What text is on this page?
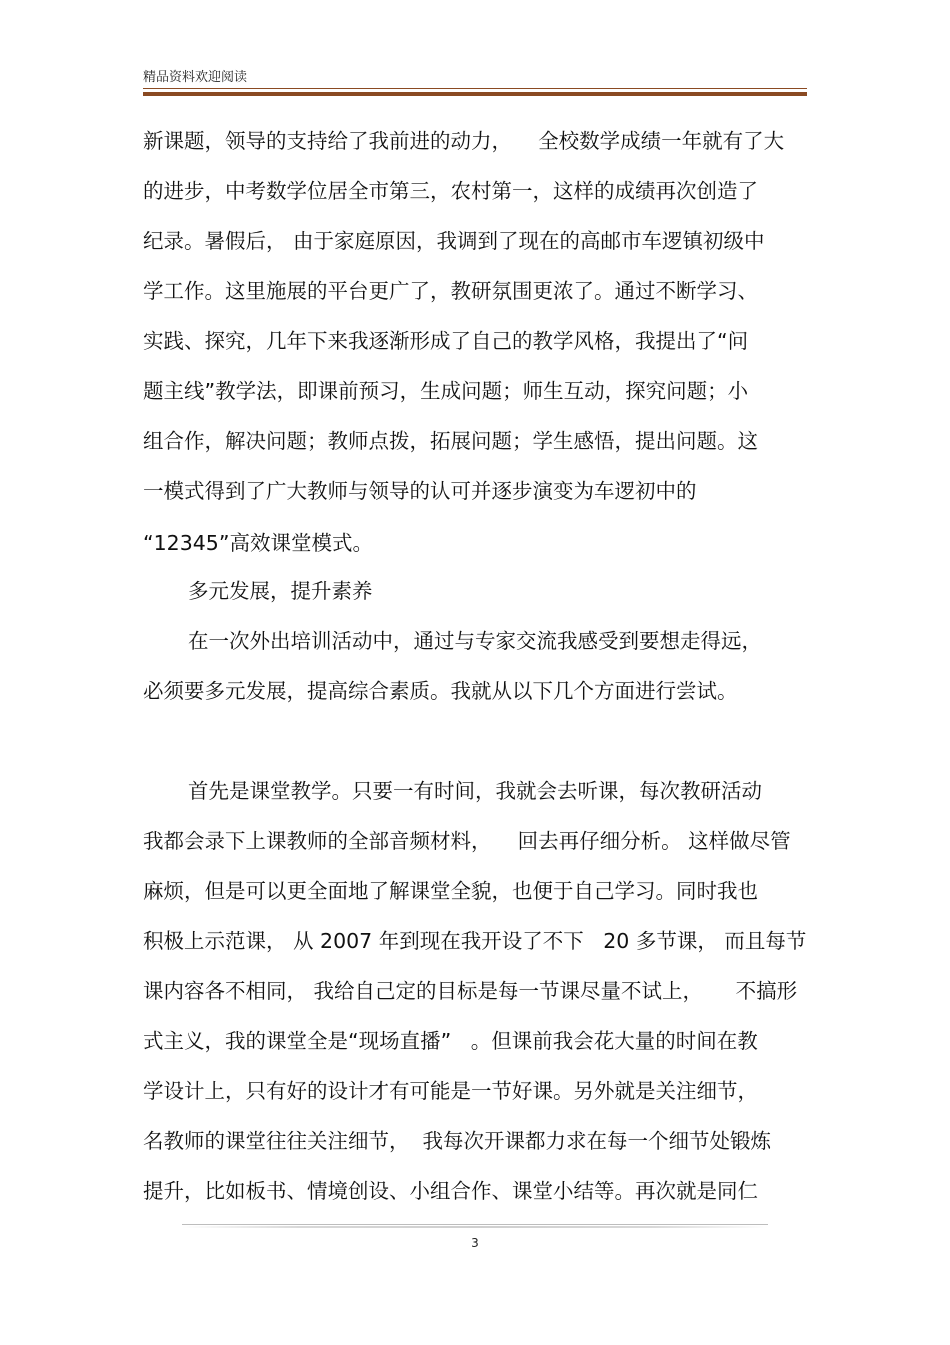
精品资料欢迎阅读
新课题，领导的支持给了我前进的动力，    全校数学成绩一年就有了大
的进步，中考数学位居全市第三，农村第一，这样的成绩再次创造了
纪录。暑假后， 由于家庭原因，我调到了现在的高邮市车逻镇初级中
学工作。这里施展的平台更广了，教研氛围更浓了。通过不断学习、
实践、探究，几年下来我逐渐形成了自己的教学风格，我提出了“问
题主线”教学法，即课前预习，生成问题；师生互动，探究问题；小
组合作，解决问题；教师点拨，拓展问题；学生感悟，提出问题。这
一模式得到了广大教师与领导的认可并逐步演变为车逻初中的
“12345”高效课堂模式。
多元发展，提升素养
在一次外出培训活动中，通过与专家交流我感受到要想走得远，
必须要多元发展，提高综合素质。我就从以下几个方面进行尝试。
首先是课堂教学。只要一有时间，我就会去听课，每次教研活动
我都会录下上课教师的全部音频材料，    回去再仔细分析。 这样做尽管
麻烦，但是可以更全面地了解课堂全貌，也便于自己学习。同时我也
积极上示范课， 从 2007 年到现在我开设了不下   20 多节课， 而且每节
课内容各不相同， 我给自己定的目标是每一节课尽量不试上，     不搞形
式主义，我的课堂全是“现场直播”   。但课前我会花大量的时间在教
学设计上，只有好的设计才有可能是一节好课。另外就是关注细节，
名教师的课堂往往关注细节，  我每次开课都力求在每一个细节处锻炼
提升，比如板书、情境创设、小组合作、课堂小结等。再次就是同仁
3
